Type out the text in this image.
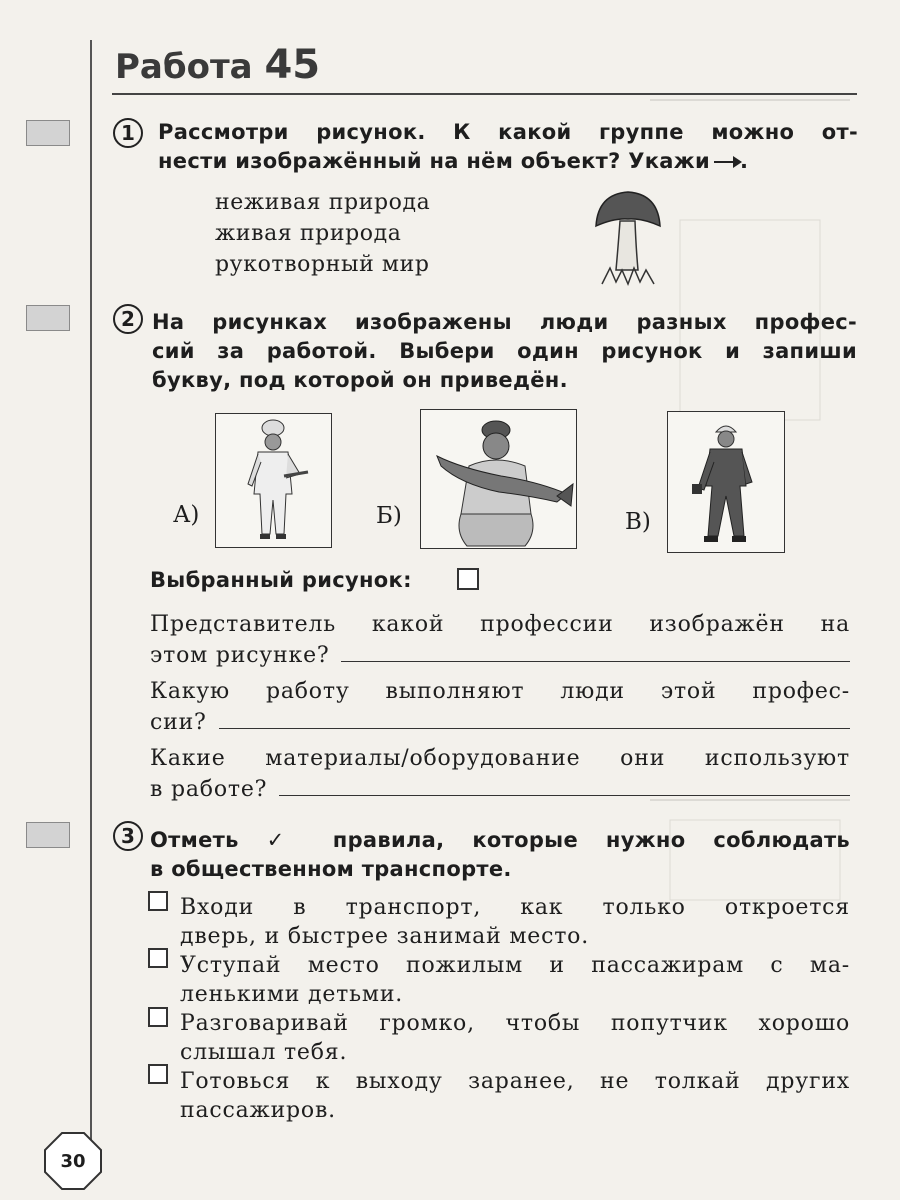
Работа 45
1	Рассмотри рисунок. К какой группе можно от-
нести изображённый на нём объект? Укажи .
неживая природа
живая природа
рукотворный мир
2 На рисунках изображены люди разных профес-
сий за работой. Выбери один рисунок и запиши
букву, под которой он приведён.
А)	Б)	В)
Выбранный рисунок:
Представитель какой профессии изображён на
этом рисунке?
Какую работу выполняют люди этой профес-
сии?
Какие материалы/оборудование они используют
в работе?
3 Отметь ✓ правила, которые нужно соблюдать
в общественном транспорте.
Входи в транспорт, как только откроется
дверь, и быстрее занимай место.
Уступай место пожилым и пассажирам с ма-
ленькими детьми.
Разговаривай громко, чтобы попутчик хорошо
слышал тебя.
Готовься к выходу заранее, не толкай других
пассажиров.
30
